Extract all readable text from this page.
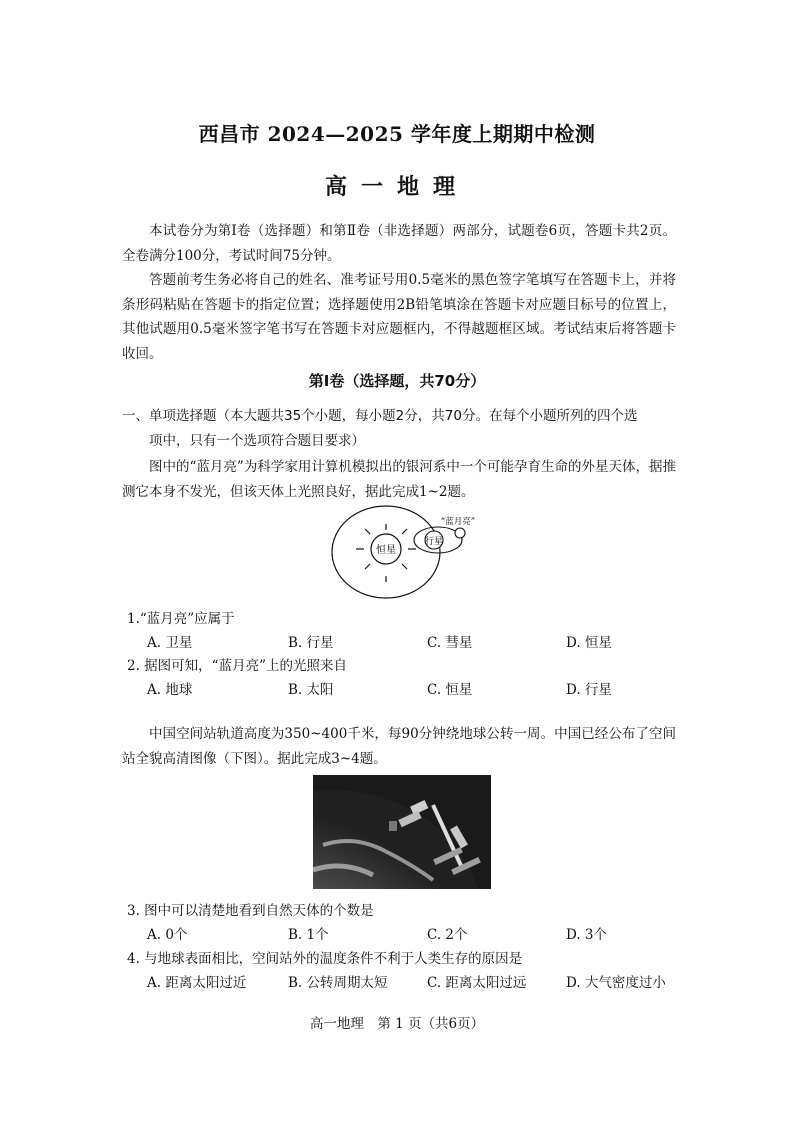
西昌市 2024—2025 学年度上期期中检测
高一地理

本试卷分为第Ⅰ卷（选择题）和第Ⅱ卷（非选择题）两部分，试题卷6页，答题卡共2页。全卷满分100分，考试时间75分钟。

答题前考生务必将自己的姓名、准考证号用0.5毫米的黑色签字笔填写在答题卡上，并将条形码粘贴在答题卡的指定位置；选择题使用2B铅笔填涂在答题卡对应题目标号的位置上，其他试题用0.5毫米签字笔书写在答题卡对应题框内，不得越题框区域。考试结束后将答题卡收回。

第Ⅰ卷（选择题，共70分）
一、单项选择题（本大题共35个小题，每小题2分，共70分。在每个小题所列的四个选
项中，只有一个选项符合题目要求）

图中的“蓝月亮”为科学家用计算机模拟出的银河系中一个可能孕育生命的外星天体，据推测它本身不发光，但该天体上光照良好，据此完成1~2题。

恒星
行星
“蓝月亮”
1.“蓝月亮”应属于
A. 卫星	B. 行星	C. 彗星	D. 恒星
2. 据图可知，“蓝月亮”上的光照来自
A. 地球	B. 太阳	C. 恒星	D. 行星

中国空间站轨道高度为350~400千米，每90分钟绕地球公转一周。中国已经公布了空间站全貌高清图像（下图）。据此完成3~4题。

3. 图中可以清楚地看到自然天体的个数是
A. 0个	B. 1个	C. 2个	D. 3个
4. 与地球表面相比，空间站外的温度条件不利于人类生存的原因是
A. 距离太阳过近	B. 公转周期太短	C. 距离太阳过远	D. 大气密度过小
高一地理　第 1 页（共6页）
